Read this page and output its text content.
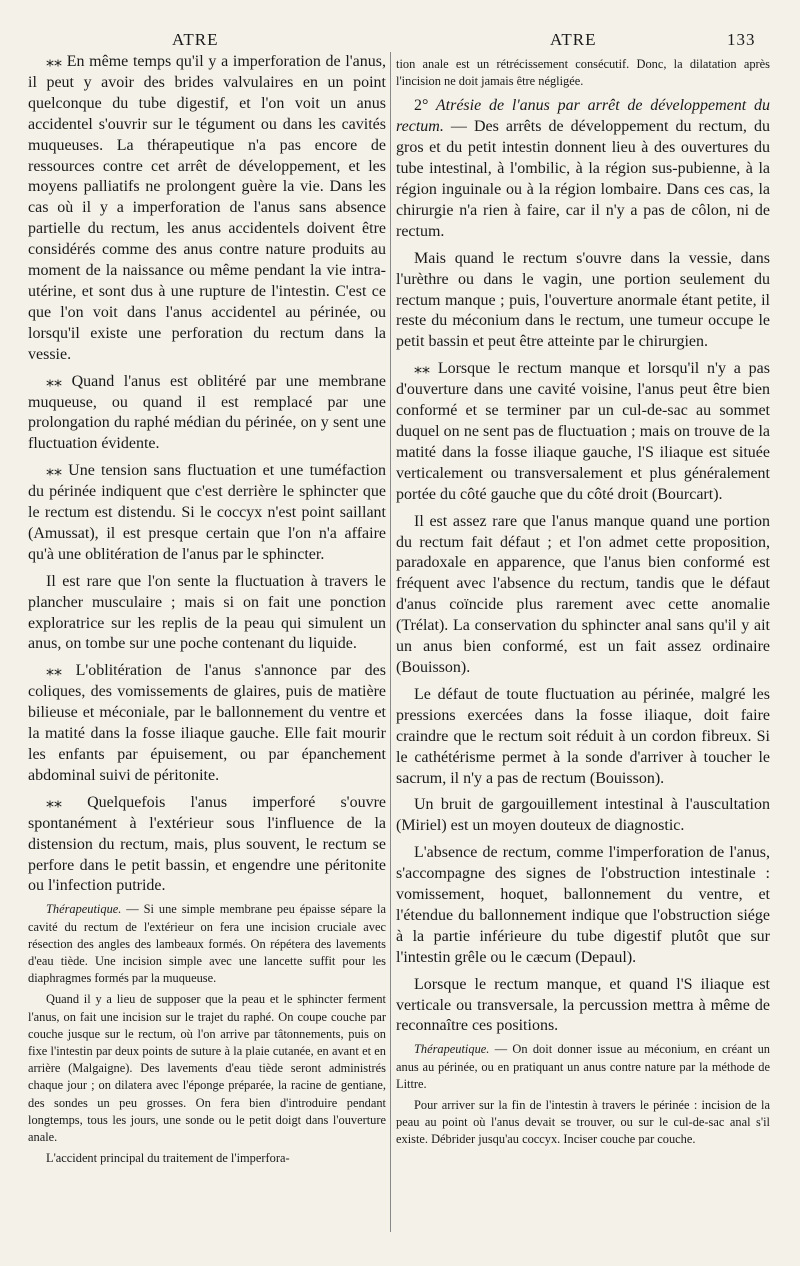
ATRE	ATRE	133

⁎⁎ En même temps qu'il y a imperforation de l'anus, il peut y avoir des brides valvulaires en un point quelconque du tube digestif, et l'on voit un anus accidentel s'ouvrir sur le tégument ou dans les cavités muqueuses. La thérapeutique n'a pas encore de ressources contre cet arrêt de développement, et les moyens palliatifs ne prolongent guère la vie. Dans les cas où il y a imperforation de l'anus sans absence partielle du rectum, les anus accidentels doivent être considérés comme des anus contre nature produits au moment de la naissance ou même pendant la vie intra-utérine, et sont dus à une rupture de l'intestin. C'est ce que l'on voit dans l'anus accidentel au périnée, ou lorsqu'il existe une perforation du rectum dans la vessie.

⁎⁎ Quand l'anus est oblitéré par une membrane muqueuse, ou quand il est remplacé par une prolongation du raphé médian du périnée, on y sent une fluctuation évidente.

⁎⁎ Une tension sans fluctuation et une tuméfaction du périnée indiquent que c'est derrière le sphincter que le rectum est distendu. Si le coccyx n'est point saillant (Amussat), il est presque certain que l'on n'a affaire qu'à une oblitération de l'anus par le sphincter.

Il est rare que l'on sente la fluctuation à travers le plancher musculaire ; mais si on fait une ponction exploratrice sur les replis de la peau qui simulent un anus, on tombe sur une poche contenant du liquide.

⁎⁎ L'oblitération de l'anus s'annonce par des coliques, des vomissements de glaires, puis de matière bilieuse et méconiale, par le ballonnement du ventre et la matité dans la fosse iliaque gauche. Elle fait mourir les enfants par épuisement, ou par épanchement abdominal suivi de péritonite.

⁎⁎ Quelquefois l'anus imperforé s'ouvre spontanément à l'extérieur sous l'influence de la distension du rectum, mais, plus souvent, le rectum se perfore dans le petit bassin, et engendre une péritonite ou l'infection putride.

Thérapeutique. — Si une simple membrane peu épaisse sépare la cavité du rectum de l'extérieur on fera une incision cruciale avec résection des angles des lambeaux formés. On répétera des lavements d'eau tiède. Une incision simple avec une lancette suffit pour les diaphragmes formés par la muqueuse.

Quand il y a lieu de supposer que la peau et le sphincter ferment l'anus, on fait une incision sur le trajet du raphé. On coupe couche par couche jusque sur le rectum, où l'on arrive par tâtonnements, puis on fixe l'intestin par deux points de suture à la plaie cutanée, en avant et en arrière (Malgaigne). Des lavements d'eau tiède seront administrés chaque jour ; on dilatera avec l'éponge préparée, la racine de gentiane, des sondes un peu grosses. On fera bien d'introduire pendant longtemps, tous les jours, une sonde ou le petit doigt dans l'ouverture anale.

L'accident principal du traitement de l'imperfora-

tion anale est un rétrécissement consécutif. Donc, la dilatation après l'incision ne doit jamais être négligée.

2° Atrésie de l'anus par arrêt de développement du rectum. — Des arrêts de développement du rectum, du gros et du petit intestin donnent lieu à des ouvertures du tube intestinal, à l'ombilic, à la région sus-pubienne, à la région inguinale ou à la région lombaire. Dans ces cas, la chirurgie n'a rien à faire, car il n'y a pas de côlon, ni de rectum.

Mais quand le rectum s'ouvre dans la vessie, dans l'urèthre ou dans le vagin, une portion seulement du rectum manque ; puis, l'ouverture anormale étant petite, il reste du méconium dans le rectum, une tumeur occupe le petit bassin et peut être atteinte par le chirurgien.

⁎⁎ Lorsque le rectum manque et lorsqu'il n'y a pas d'ouverture dans une cavité voisine, l'anus peut être bien conformé et se terminer par un cul-de-sac au sommet duquel on ne sent pas de fluctuation ; mais on trouve de la matité dans la fosse iliaque gauche, l'S iliaque est située verticalement ou transversalement et plus généralement portée du côté gauche que du côté droit (Bourcart).

Il est assez rare que l'anus manque quand une portion du rectum fait défaut ; et l'on admet cette proposition, paradoxale en apparence, que l'anus bien conformé est fréquent avec l'absence du rectum, tandis que le défaut d'anus coïncide plus rarement avec cette anomalie (Trélat). La conservation du sphincter anal sans qu'il y ait un anus bien conformé, est un fait assez ordinaire (Bouisson).

Le défaut de toute fluctuation au périnée, malgré les pressions exercées dans la fosse iliaque, doit faire craindre que le rectum soit réduit à un cordon fibreux. Si le cathétérisme permet à la sonde d'arriver à toucher le sacrum, il n'y a pas de rectum (Bouisson).

Un bruit de gargouillement intestinal à l'auscultation (Miriel) est un moyen douteux de diagnostic.

L'absence de rectum, comme l'imperforation de l'anus, s'accompagne des signes de l'obstruction intestinale : vomissement, hoquet, ballonnement du ventre, et l'étendue du ballonnement indique que l'obstruction siége à la partie inférieure du tube digestif plutôt que sur l'intestin grêle ou le cæcum (Depaul).

Lorsque le rectum manque, et quand l'S iliaque est verticale ou transversale, la percussion mettra à même de reconnaître ces positions.

Thérapeutique. — On doit donner issue au méconium, en créant un anus au périnée, ou en pratiquant un anus contre nature par la méthode de Littre.

Pour arriver sur la fin de l'intestin à travers le périnée : incision de la peau au point où l'anus devait se trouver, ou sur le cul-de-sac anal s'il existe. Débrider jusqu'au coccyx. Inciser couche par couche.
